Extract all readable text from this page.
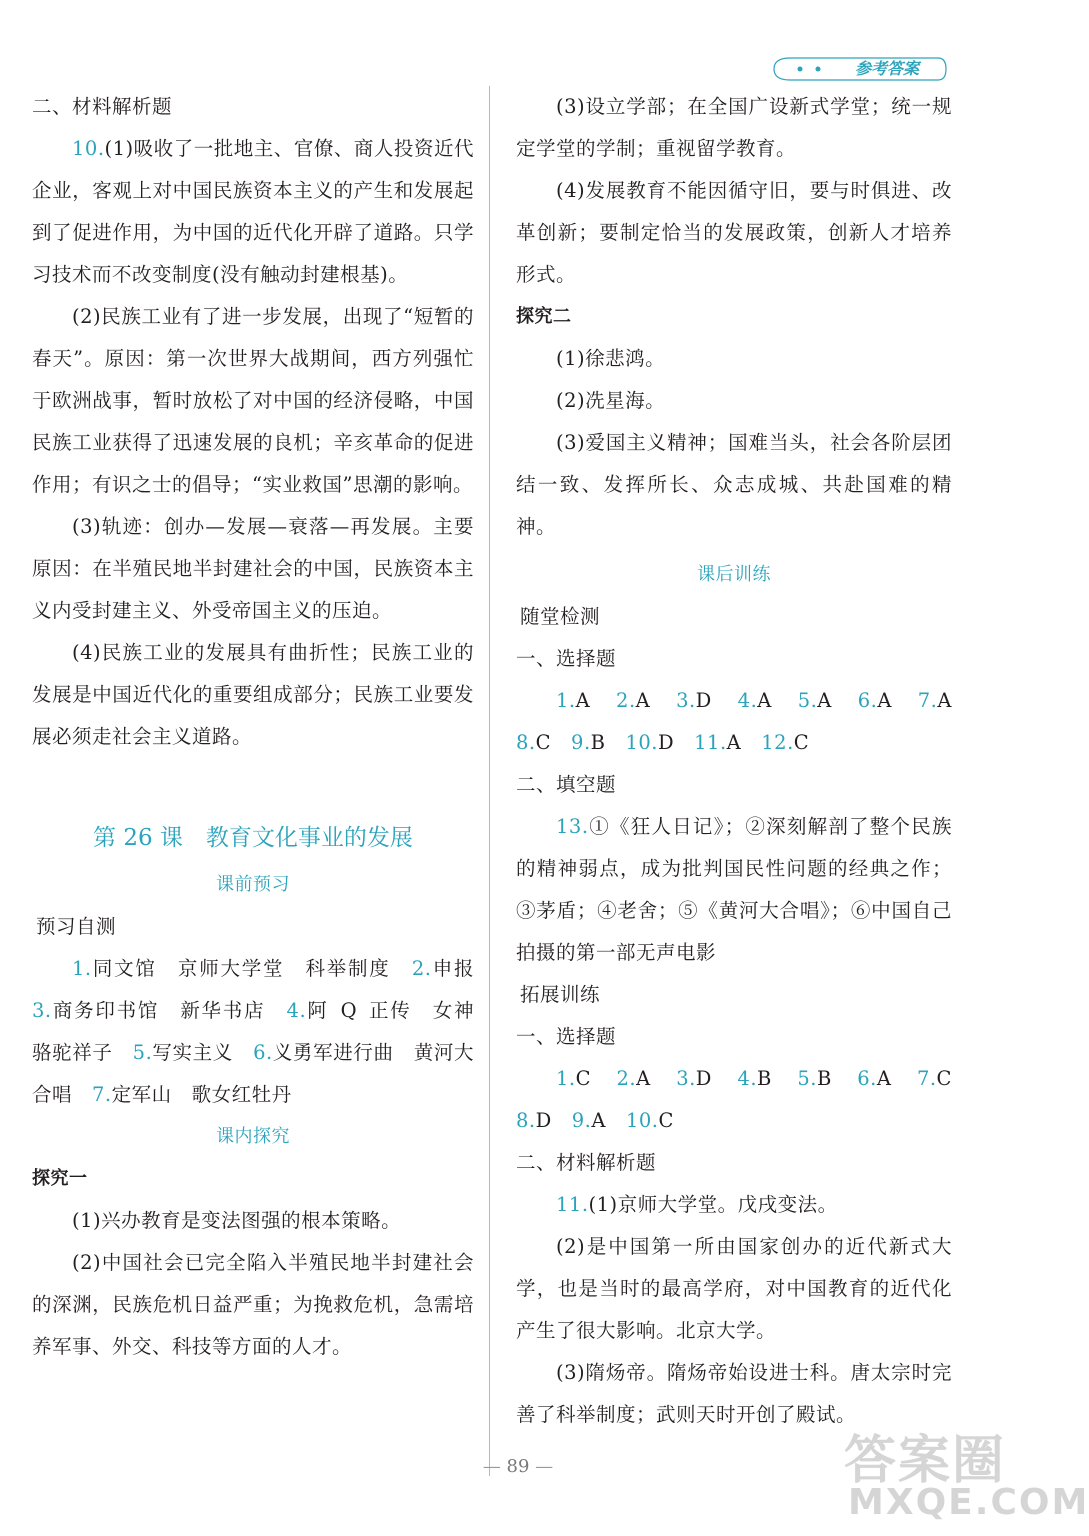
参考答案

二、材料解析题

10.(1)吸收了一批地主、官僚、商人投资近代企业，客观上对中国民族资本主义的产生和发展起到了促进作用，为中国的近代化开辟了道路。只学习技术而不改变制度(没有触动封建根基)。

(2)民族工业有了进一步发展，出现了“短暂的春天”。原因：第一次世界大战期间，西方列强忙于欧洲战事，暂时放松了对中国的经济侵略，中国民族工业获得了迅速发展的良机；辛亥革命的促进作用；有识之士的倡导；“实业救国”思潮的影响。

(3)轨迹：创办—发展—衰落—再发展。主要原因：在半殖民地半封建社会的中国，民族资本主义内受封建主义、外受帝国主义的压迫。

(4)民族工业的发展具有曲折性；民族工业的发展是中国近代化的重要组成部分；民族工业要发展必须走社会主义道路。

第 26 课　教育文化事业的发展

课前预习

预习自测

1.同文馆　京师大学堂　科举制度　2.申报　3.商务印书馆　新华书店　4.阿 Q 正传　女神　骆驼祥子　5.写实主义　6.义勇军进行曲　黄河大合唱　7.定军山　歌女红牡丹

课内探究

探究一

(1)兴办教育是变法图强的根本策略。

(2)中国社会已完全陷入半殖民地半封建社会的深渊，民族危机日益严重；为挽救危机，急需培养军事、外交、科技等方面的人才。

(3)设立学部；在全国广设新式学堂；统一规定学堂的学制；重视留学教育。

(4)发展教育不能因循守旧，要与时俱进、改革创新；要制定恰当的发展政策，创新人才培养形式。

探究二

(1)徐悲鸿。

(2)冼星海。

(3)爱国主义精神；国难当头，社会各阶层团结一致、发挥所长、众志成城、共赴国难的精神。

课后训练

随堂检测

一、选择题

1.A　2.A　3.D　4.A　5.A　6.A　7.A　8.C　9.B　10.D　11.A　12.C

二、填空题

13.①《狂人日记》；②深刻解剖了整个民族的精神弱点，成为批判国民性问题的经典之作；③茅盾；④老舍；⑤《黄河大合唱》；⑥中国自己拍摄的第一部无声电影

拓展训练

一、选择题

1.C　2.A　3.D　4.B　5.B　6.A　7.C　8.D　9.A　10.C

二、材料解析题

11.(1)京师大学堂。戊戌变法。

(2)是中国第一所由国家创办的近代新式大学，也是当时的最高学府，对中国教育的近代化产生了很大影响。北京大学。

(3)隋炀帝。隋炀帝始设进士科。唐太宗时完善了科举制度；武则天时开创了殿试。

— 89 —	答案圈
MXQE.COM
